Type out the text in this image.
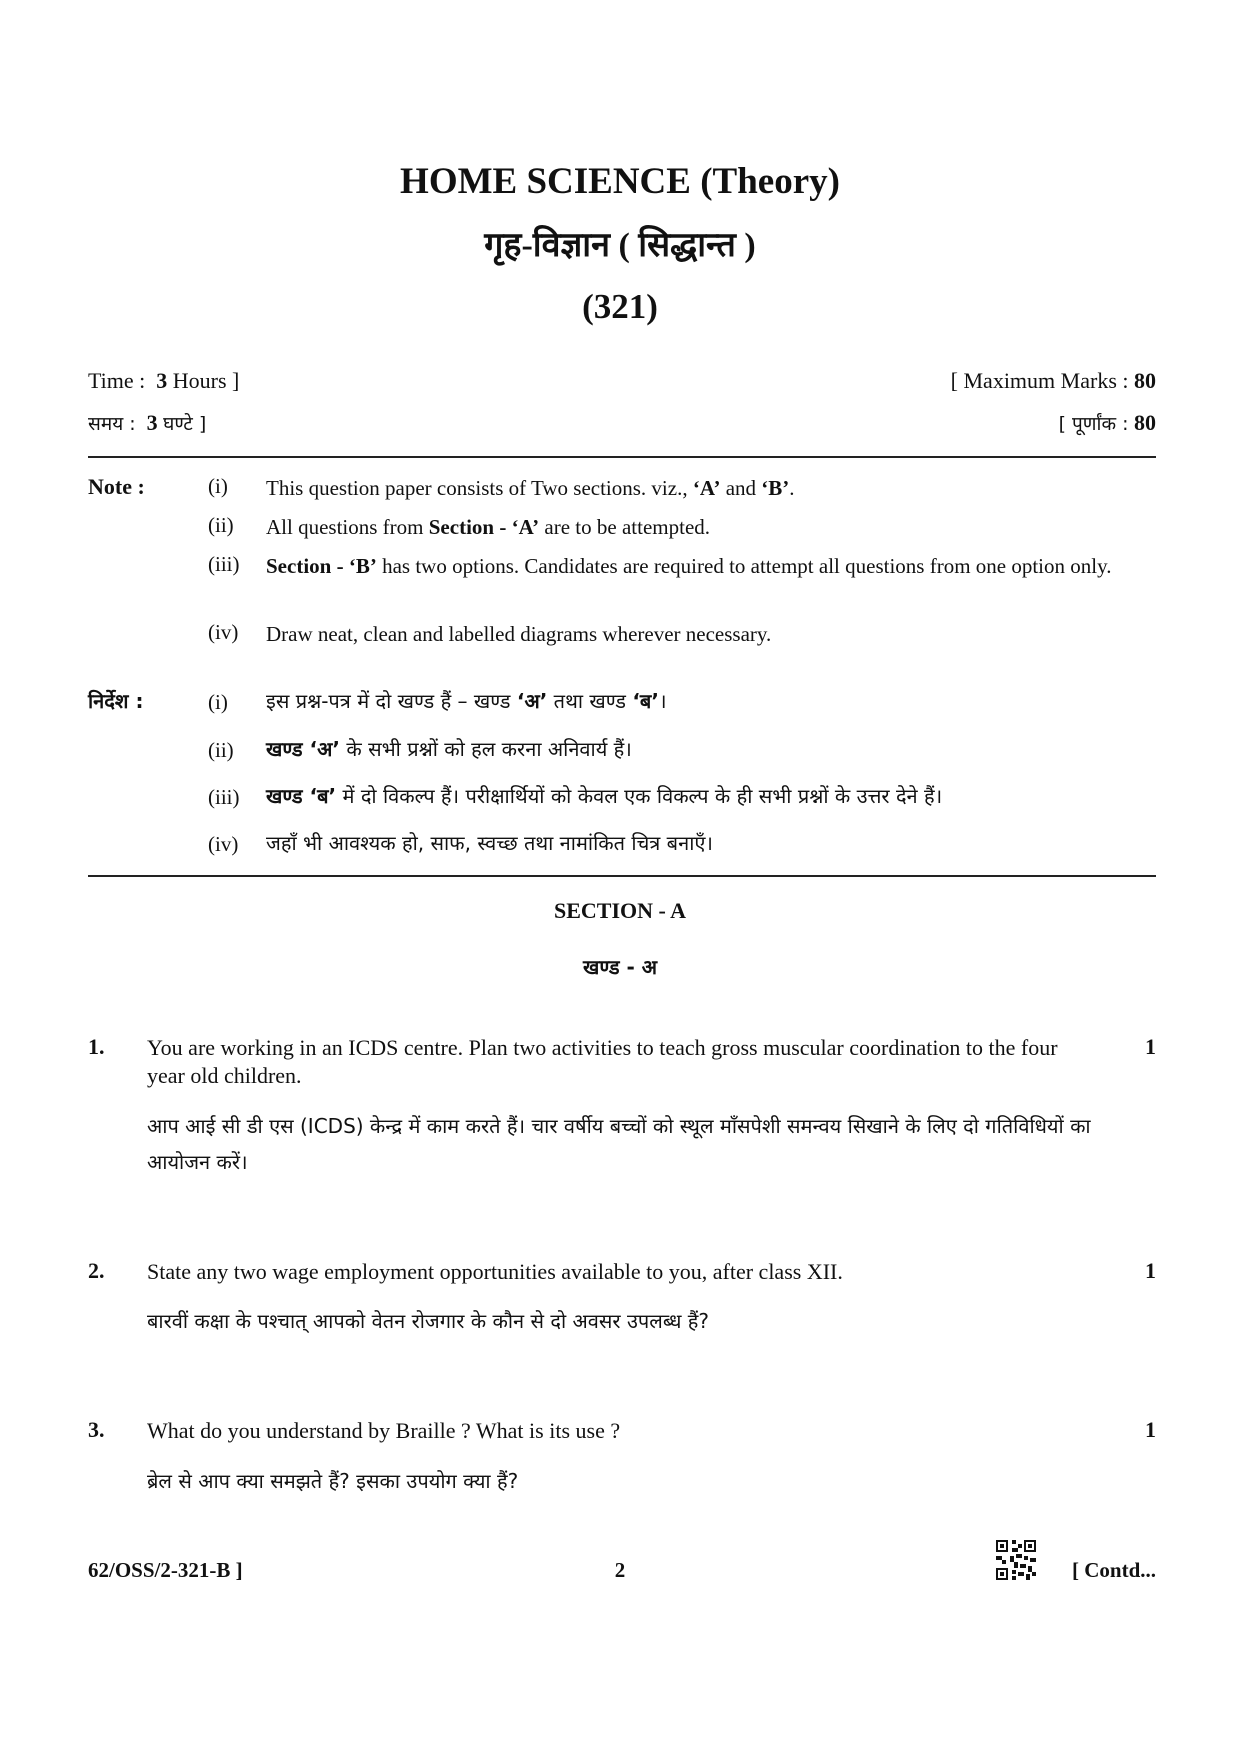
HOME SCIENCE (Theory)
गृह-विज्ञान ( सिद्धान्त )
(321)
Time : 3 Hours ]
समय : 3 घण्टे ]
[ Maximum Marks : 80
[ पूर्णांक : 80
Note :	(i) This question paper consists of Two sections. viz., ‘A’ and ‘B’.
(ii) All questions from Section - ‘A’ are to be attempted.
(iii) Section - ‘B’ has two options. Candidates are required to attempt all questions from one option only.
(iv) Draw neat, clean and labelled diagrams wherever necessary.
निर्देश :	(i) इस प्रश्न-पत्र में दो खण्ड हैं – खण्ड ‘अ’ तथा खण्ड ‘ब’।
(ii) खण्ड ‘अ’ के सभी प्रश्नों को हल करना अनिवार्य हैं।
(iii) खण्ड ‘ब’ में दो विकल्प हैं। परीक्षार्थियों को केवल एक विकल्प के ही सभी प्रश्नों के उत्तर देने हैं।
(iv) जहाँ भी आवश्यक हो, साफ, स्वच्छ तथा नामांकित चित्र बनाएँ।
SECTION - A
खण्ड - अ
1. You are working in an ICDS centre. Plan two activities to teach gross muscular coordination to the four year old children.
1
आप आई सी डी एस (ICDS) केन्द्र में काम करते हैं। चार वर्षीय बच्चों को स्थूल माँसपेशी समन्वय सिखाने के लिए दो गतिविधियों का आयोजन करें।
2. State any two wage employment opportunities available to you, after class XII.	1
बारवीं कक्षा के पश्चात् आपको वेतन रोजगार के कौन से दो अवसर उपलब्ध हैं?
3. What do you understand by Braille ? What is its use ?	1
ब्रेल से आप क्या समझते हैं? इसका उपयोग क्या हैं?
62/OSS/2-321-B ]	2	[ Contd...
